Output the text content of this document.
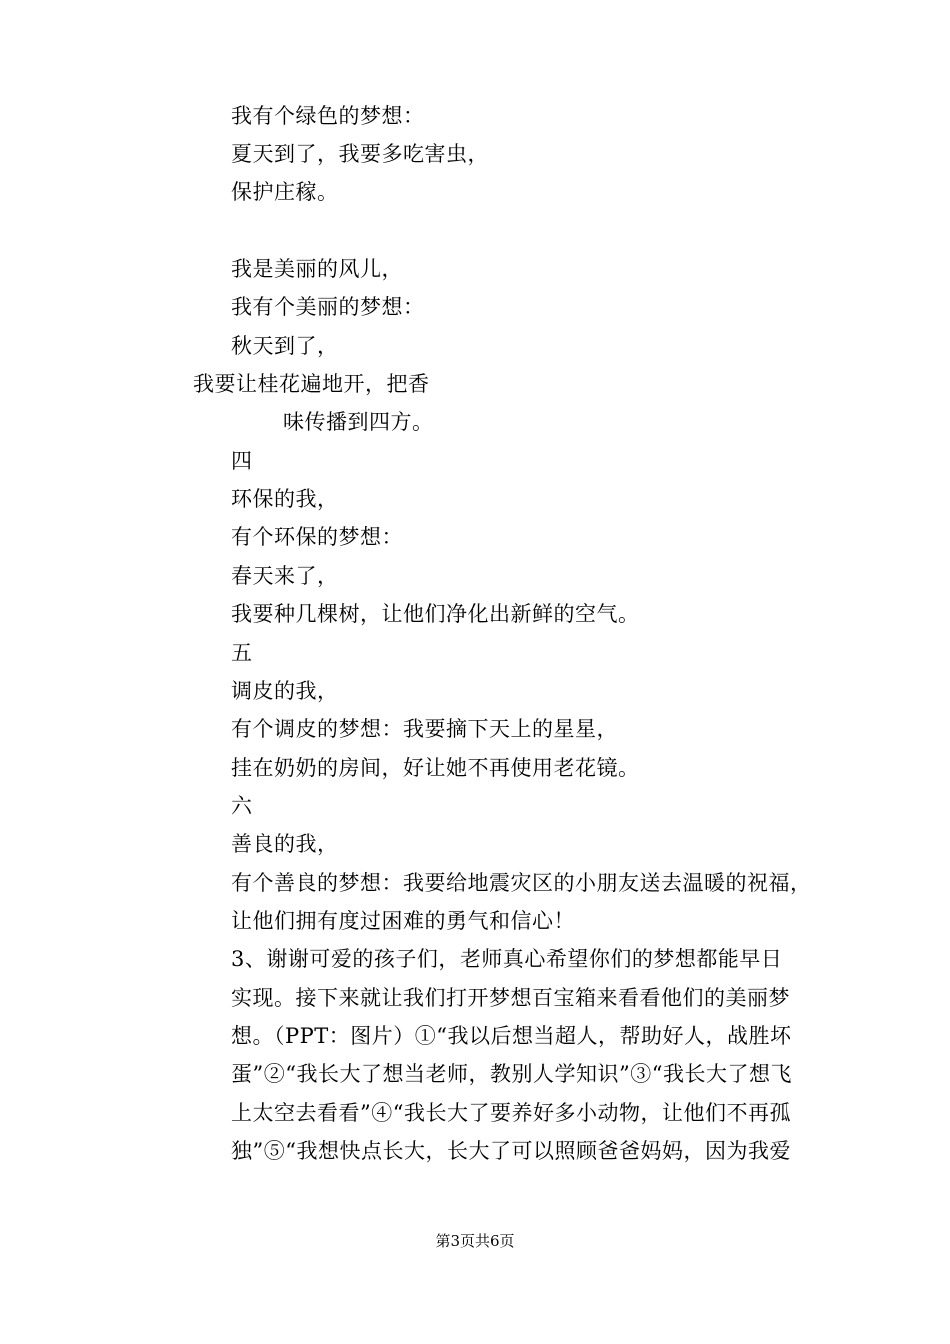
我有个绿色的梦想：
夏天到了，我要多吃害虫，
保护庄稼。
我是美丽的风儿，
我有个美丽的梦想：
秋天到了，
我要让桂花遍地开，把香
味传播到四方。
四
环保的我，
有个环保的梦想：
春天来了，
我要种几棵树，让他们净化出新鲜的空气。
五
调皮的我，
有个调皮的梦想：我要摘下天上的星星，
挂在奶奶的房间，好让她不再使用老花镜。
六
善良的我，
有个善良的梦想：我要给地震灾区的小朋友送去温暖的祝福，
让他们拥有度过困难的勇气和信心！
3、谢谢可爱的孩子们，老师真心希望你们的梦想都能早日
实现。接下来就让我们打开梦想百宝箱来看看他们的美丽梦
想。（PPT：图片）①“我以后想当超人，帮助好人，战胜坏
蛋”②“我长大了想当老师，教别人学知识”③“我长大了想飞
上太空去看看”④“我长大了要养好多小动物，让他们不再孤
独”⑤“我想快点长大，长大了可以照顾爸爸妈妈，因为我爱
第3页共6页
